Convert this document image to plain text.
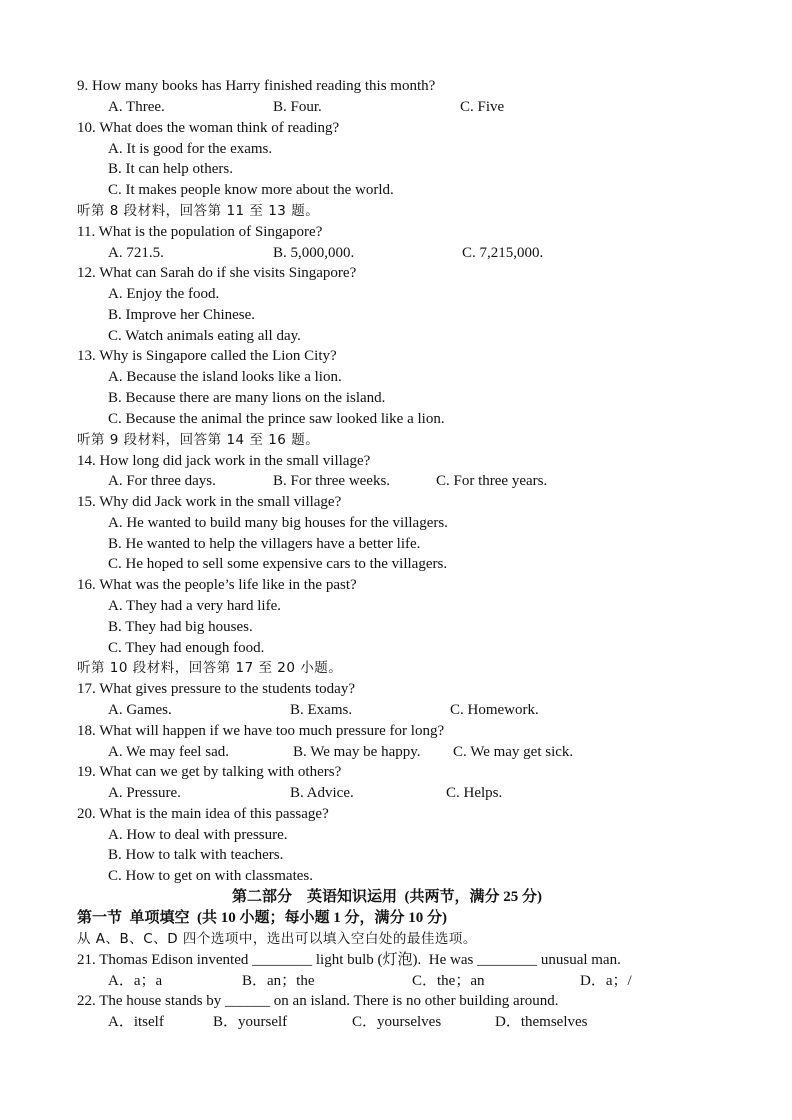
9. How many books has Harry finished reading this month?
A. Three.	B. Four.	C. Five
10. What does the woman think of reading?
A. It is good for the exams.
B. It can help others.
C. It makes people know more about the world.
听第 8 段材料，回答第 11 至 13 题。
11. What is the population of Singapore?
A. 721.5.	B. 5,000,000.	C. 7,215,000.
12. What can Sarah do if she visits Singapore?
A. Enjoy the food.
B. Improve her Chinese.
C. Watch animals eating all day.
13. Why is Singapore called the Lion City?
A. Because the island looks like a lion.
B. Because there are many lions on the island.
C. Because the animal the prince saw looked like a lion.
听第 9 段材料，回答第 14 至 16 题。
14. How long did jack work in the small village?
A. For three days.	B. For three weeks.	C. For three years.
15. Why did Jack work in the small village?
A. He wanted to build many big houses for the villagers.
B. He wanted to help the villagers have a better life.
C. He hoped to sell some expensive cars to the villagers.
16. What was the people’s life like in the past?
A. They had a very hard life.
B. They had big houses.
C. They had enough food.
听第 10 段材料，回答第 17 至 20 小题。
17. What gives pressure to the students today?
A. Games.	B. Exams.	C. Homework.
18. What will happen if we have too much pressure for long?
A. We may feel sad.	B. We may be happy. C. We may get sick.
19. What can we get by talking with others?
A. Pressure.	B. Advice.	C. Helps.
20. What is the main idea of this passage?
A. How to deal with pressure.
B. How to talk with teachers.
C. How to get on with classmates.
第二部分    英语知识运用  (共两节，满分 25 分)
第一节  单项填空  (共 10 小题；每小题 1 分，满分 10 分)
从 A、B、C、D 四个选项中，选出可以填入空白处的最佳选项。
21. Thomas Edison invented ________ light bulb (灯泡).  He was ________ unusual man.
A．a；a	B．an；the	C．the；an	D．a；/
22. The house stands by ______ on an island. There is no other building around.
A．itself	B．yourself	C．yourselves	D．themselves
